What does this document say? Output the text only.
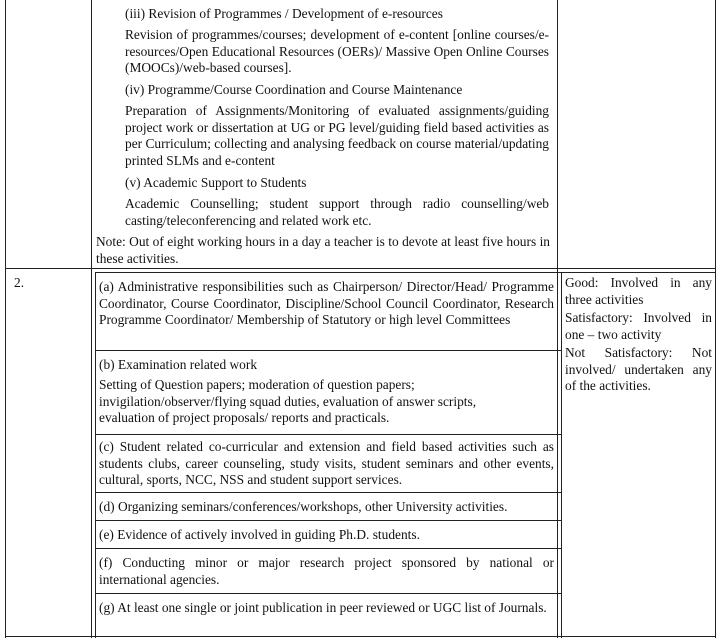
(iii) Revision of Programmes / Development of e-resources
Revision of programmes/courses; development of e-content [online courses/e-resources/Open Educational Resources (OERs)/ Massive Open Online Courses (MOOCs)/web-based courses].
(iv) Programme/Course Coordination and Course Maintenance
Preparation of Assignments/Monitoring of evaluated assignments/guiding project work or dissertation at UG or PG level/guiding field based activities as per Curriculum; collecting and analysing feedback on course material/updating printed SLMs and e-content
(v) Academic Support to Students
Academic Counselling; student support through radio counselling/web casting/teleconferencing and related work etc.
Note: Out of eight working hours in a day a teacher is to devote at least five hours in these activities.
2.	(a) Administrative responsibilities such as Chairperson/ Director/Head/ Programme Coordinator, Course Coordinator, Discipline/School Council Coordinator, Research Programme Coordinator/ Membership of Statutory or high level Committees
(b) Examination related work
Setting of Question papers; moderation of question papers; invigilation/observer/flying squad duties, evaluation of answer scripts, evaluation of project proposals/ reports and practicals.
(c) Student related co-curricular and extension and field based activities such as students clubs, career counseling, study visits, student seminars and other events, cultural, sports, NCC, NSS and student support services.
(d) Organizing seminars/conferences/workshops, other University activities.
(e) Evidence of actively involved in guiding Ph.D. students.
(f) Conducting minor or major research project sponsored by national or international agencies.
(g) At least one single or joint publication in peer reviewed or UGC list of Journals.
Good: Involved in any three activities
Satisfactory: Involved in one – two activity
Not Satisfactory: Not involved/ undertaken any of the activities.
